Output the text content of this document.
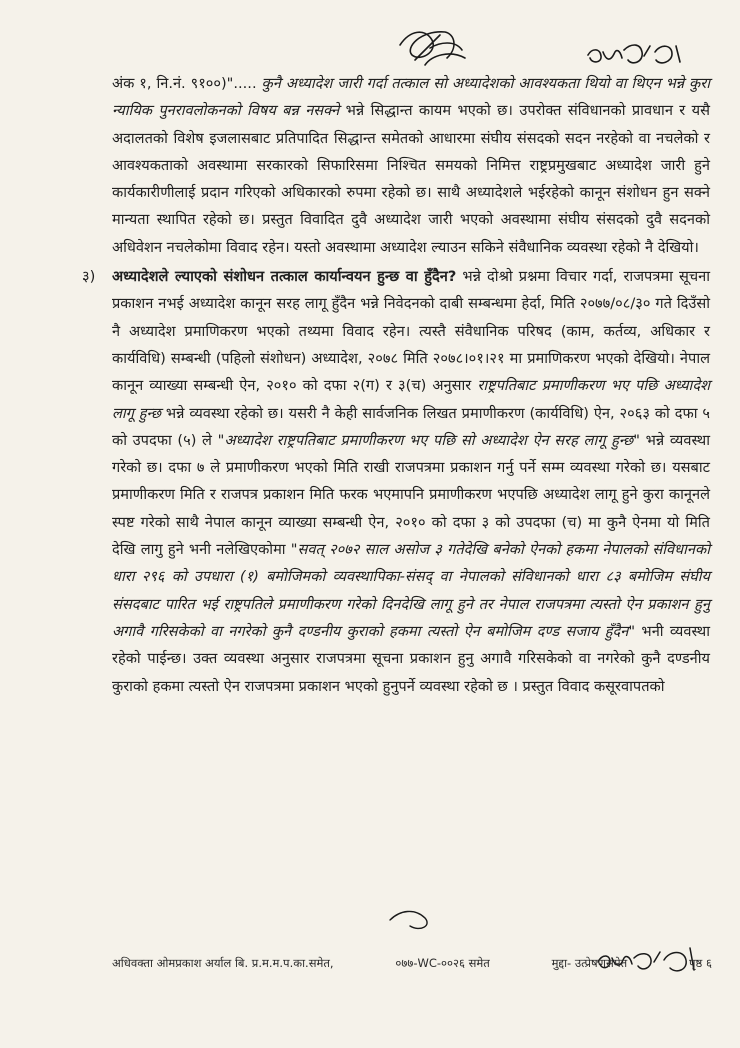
अंक १, नि.नं. ९१००)"..... कुनै अध्यादेश जारी गर्दा तत्काल सो अध्यादेशको आवश्यकता थियो वा थिएन भन्ने कुरा न्यायिक पुनरावलोकनको विषय बन्न नसक्ने भन्ने सिद्धान्त कायम भएको छ। उपरोक्त संविधानको प्रावधान र यसै अदालतको विशेष इजलासबाट प्रतिपादित सिद्धान्त समेतको आधारमा संघीय संसदको सदन नरहेको वा नचलेको र आवश्यकताको अवस्थामा सरकारको सिफारिसमा निश्चित समयको निमित्त राष्ट्रप्रमुखबाट अध्यादेश जारी हुने कार्यकारीणीलाई प्रदान गरिएको अधिकारको रुपमा रहेको छ। साथै अध्यादेशले भईरहेको कानून संशोधन हुन सक्ने मान्यता स्थापित रहेको छ। प्रस्तुत विवादित दुवै अध्यादेश जारी भएको अवस्थामा संघीय संसदको दुवै सदनको अधिवेशन नचलेकोमा विवाद रहेन। यस्तो अवस्थामा अध्यादेश ल्याउन सकिने संवैधानिक व्यवस्था रहेको नै देखियो।

३) अध्यादेशले ल्याएको संशोधन तत्काल कार्यान्वयन हुन्छ वा हुँदैन? भन्ने दोश्रो प्रश्नमा विचार गर्दा, राजपत्रमा सूचना प्रकाशन नभई अध्यादेश कानून सरह लागू हुँदैन भन्ने निवेदनको दाबी सम्बन्धमा हेर्दा, मिति २०७७/०८/३० गते दिउँसो नै अध्यादेश प्रमाणिकरण भएको तथ्यमा विवाद रहेन। त्यस्तै संवैधानिक परिषद (काम, कर्तव्य, अधिकार र कार्यविधि) सम्बन्धी (पहिलो संशोधन) अध्यादेश, २०७८ मिति २०७८।०१।२१ मा प्रमाणिकरण भएको देखियो। नेपाल कानून व्याख्या सम्बन्धी ऐन, २०१० को दफा २(ग) र ३(च) अनुसार राष्ट्रपतिबाट प्रमाणीकरण भए पछि अध्यादेश लागू हुन्छ भन्ने व्यवस्था रहेको छ। यसरी नै केही सार्वजनिक लिखत प्रमाणीकरण (कार्यविधि) ऐन, २०६३ को दफा ५ को उपदफा (५) ले "अध्यादेश राष्ट्रपतिबाट प्रमाणीकरण भए पछि सो अध्यादेश ऐन सरह लागू हुन्छ" भन्ने व्यवस्था गरेको छ। दफा ७ ले प्रमाणीकरण भएको मिति राखी राजपत्रमा प्रकाशन गर्नु पर्ने सम्म व्यवस्था गरेको छ। यसबाट प्रमाणीकरण मिति र राजपत्र प्रकाशन मिति फरक भएमापनि प्रमाणीकरण भएपछि अध्यादेश लागू हुने कुरा कानूनले स्पष्ट गरेको साथै नेपाल कानून व्याख्या सम्बन्धी ऐन, २०१० को दफा ३ को उपदफा (च) मा कुनै ऐनमा यो मिति देखि लागु हुने भनी नलेखिएकोमा "सवत् २०७२ साल असोज ३ गतेदेखि बनेको ऐनको हकमा नेपालको संविधानको धारा २९६ को उपधारा (१) बमोजिमको व्यवस्थापिका-संसद् वा नेपालको संविधानको धारा ८३ बमोजिम संघीय संसदबाट पारित भई राष्ट्रपतिले प्रमाणीकरण गरेको दिनदेखि लागू हुने तर नेपाल राजपत्रमा त्यस्तो ऐन प्रकाशन हुनु अगावै गरिसकेको वा नगरेको कुनै दण्डनीय कुराको हकमा त्यस्तो ऐन बमोजिम दण्ड सजाय हुँदैन" भनी व्यवस्था रहेको पाईन्छ। उक्त व्यवस्था अनुसार राजपत्रमा सूचना प्रकाशन हुनु अगावै गरिसकेको वा नगरेको कुनै दण्डनीय कुराको हकमा त्यस्तो ऐन राजपत्रमा प्रकाशन भएको हुनुपर्ने व्यवस्था रहेको छ । प्रस्तुत विवाद कसूरवापतको

अधिवक्ता ओमप्रकाश अर्याल बि. प्र.म.म.प.का.समेत,	०७७-WC-००२६ समेत	मुद्दा- उत्प्रेषणसमेत	पृष्ठ ६
